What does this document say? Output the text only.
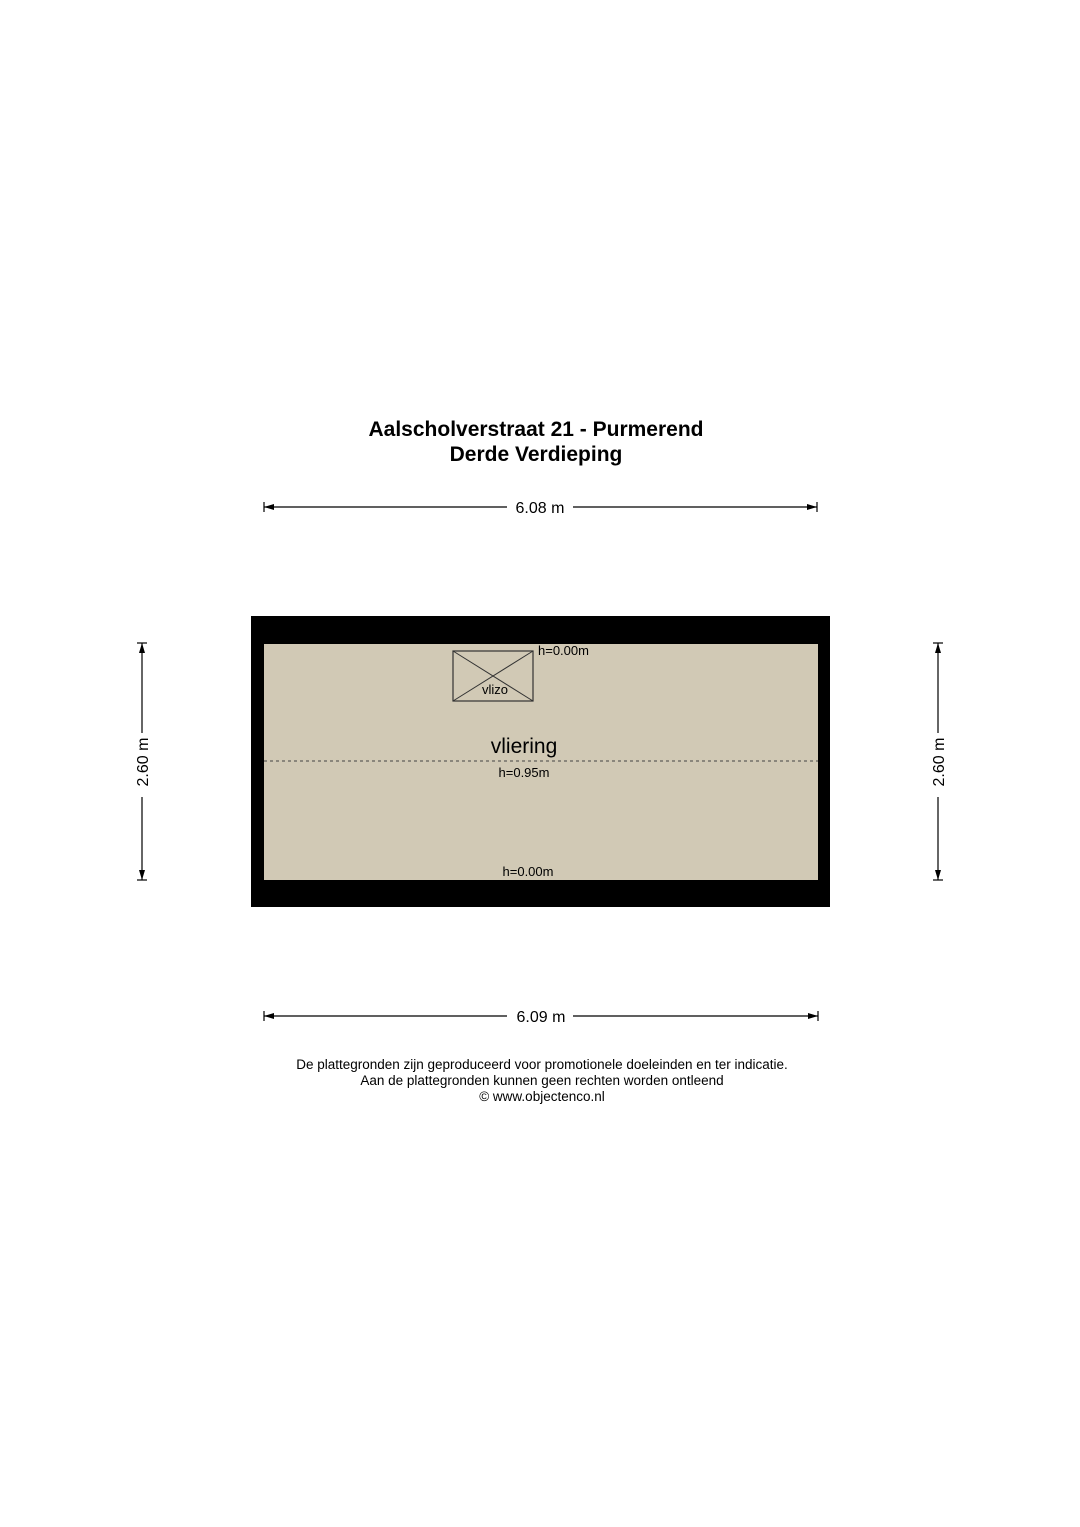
Aalscholverstraat 21 - Purmerend
Derde Verdieping
6.08 m
6.09 m
2.60 m	2.60 m
vlizo
h=0.00m
vliering
h=0.95m
h=0.00m
De plattegronden zijn geproduceerd voor promotionele doeleinden en ter indicatie.
Aan de plattegronden kunnen geen rechten worden ontleend
© www.objectenco.nl
